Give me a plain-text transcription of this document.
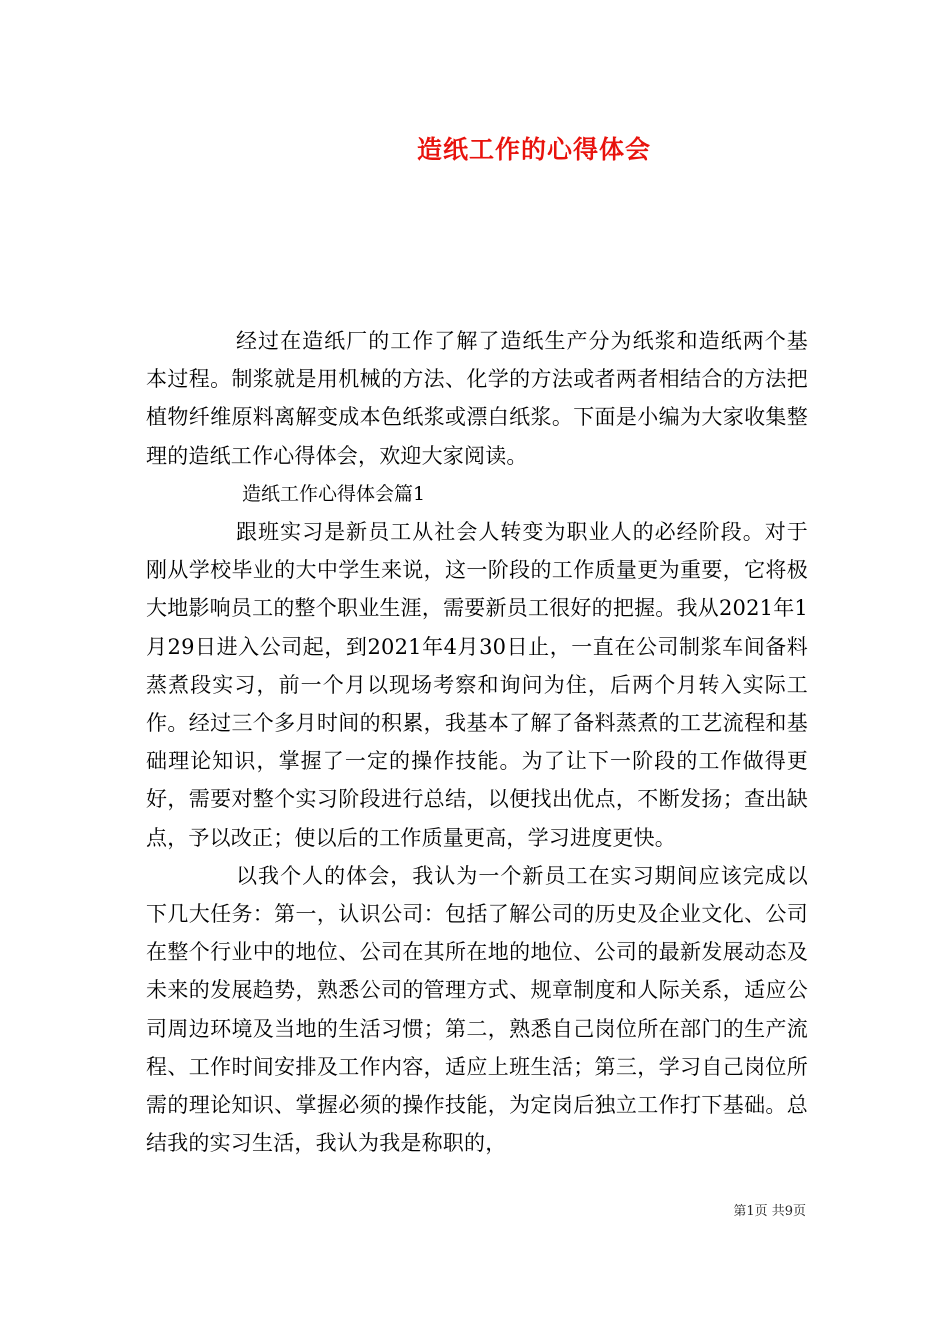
造纸工作的心得体会

经过在造纸厂的工作了解了造纸生产分为纸浆和造纸两个基本过程。制浆就是用机械的方法、化学的方法或者两者相结合的方法把植物纤维原料离解变成本色纸浆或漂白纸浆。下面是小编为大家收集整理的造纸工作心得体会，欢迎大家阅读。

造纸工作心得体会篇1

跟班实习是新员工从社会人转变为职业人的必经阶段。对于刚从学校毕业的大中学生来说，这一阶段的工作质量更为重要，它将极大地影响员工的整个职业生涯，需要新员工很好的把握。我从2021年1月29日进入公司起，到2021年4月30日止，一直在公司制浆车间备料蒸煮段实习，前一个月以现场考察和询问为住，后两个月转入实际工作。经过三个多月时间的积累，我基本了解了备料蒸煮的工艺流程和基础理论知识，掌握了一定的操作技能。为了让下一阶段的工作做得更好，需要对整个实习阶段进行总结，以便找出优点，不断发扬；查出缺点，予以改正；使以后的工作质量更高，学习进度更快。

以我个人的体会，我认为一个新员工在实习期间应该完成以下几大任务：第一，认识公司：包括了解公司的历史及企业文化、公司在整个行业中的地位、公司在其所在地的地位、公司的最新发展动态及未来的发展趋势，熟悉公司的管理方式、规章制度和人际关系，适应公司周边环境及当地的生活习惯；第二，熟悉自己岗位所在部门的生产流程、工作时间安排及工作内容，适应上班生活；第三，学习自己岗位所需的理论知识、掌握必须的操作技能，为定岗后独立工作打下基础。总结我的实习生活，我认为我是称职的，

第1页 共9页
